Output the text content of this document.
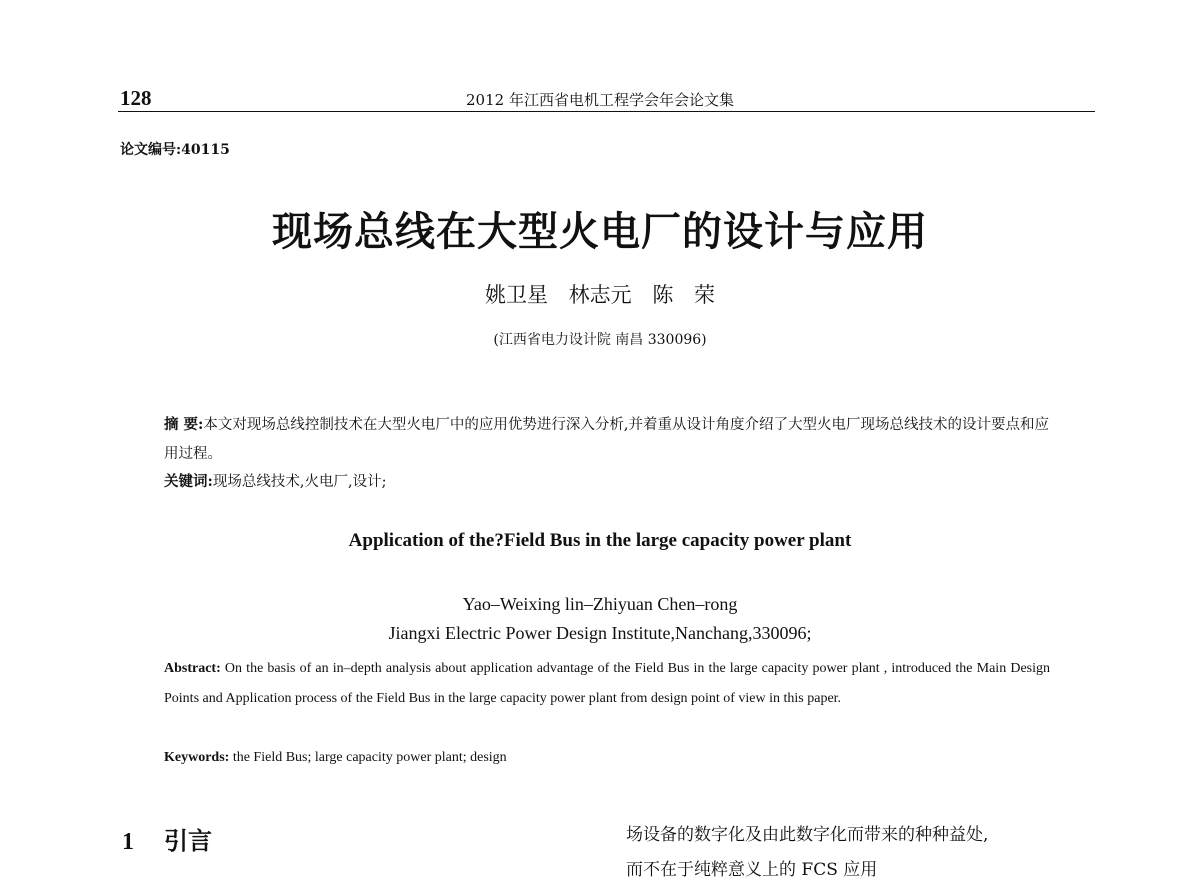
128	2012 年江西省电机工程学会年会论文集
论文编号:40115
现场总线在大型火电厂的设计与应用
姚卫星 林志元 陈 荣
(江西省电力设计院 南昌 330096)
摘 要:本文对现场总线控制技术在大型火电厂中的应用优势进行深入分析,并着重从设计角度介绍了大型火电厂现场总线技术的设计要点和应用过程。
关键词:现场总线技术,火电厂,设计;
Application of the?Field Bus in the large capacity power plant
Yao–Weixing lin–Zhiyuan Chen–rong
Jiangxi Electric Power Design Institute,Nanchang,330096;
Abstract: On the basis of an in–depth analysis about application advantage of the Field Bus in the large capacity power plant , introduced the Main Design Points and Application process of the Field Bus in the large capacity power plant from design point of view in this paper.
Keywords: the Field Bus; large capacity power plant; design
1 引言	场设备的数字化及由此数字化而带来的种种益处,
而不在于纯粹意义上的 FCS 应用
